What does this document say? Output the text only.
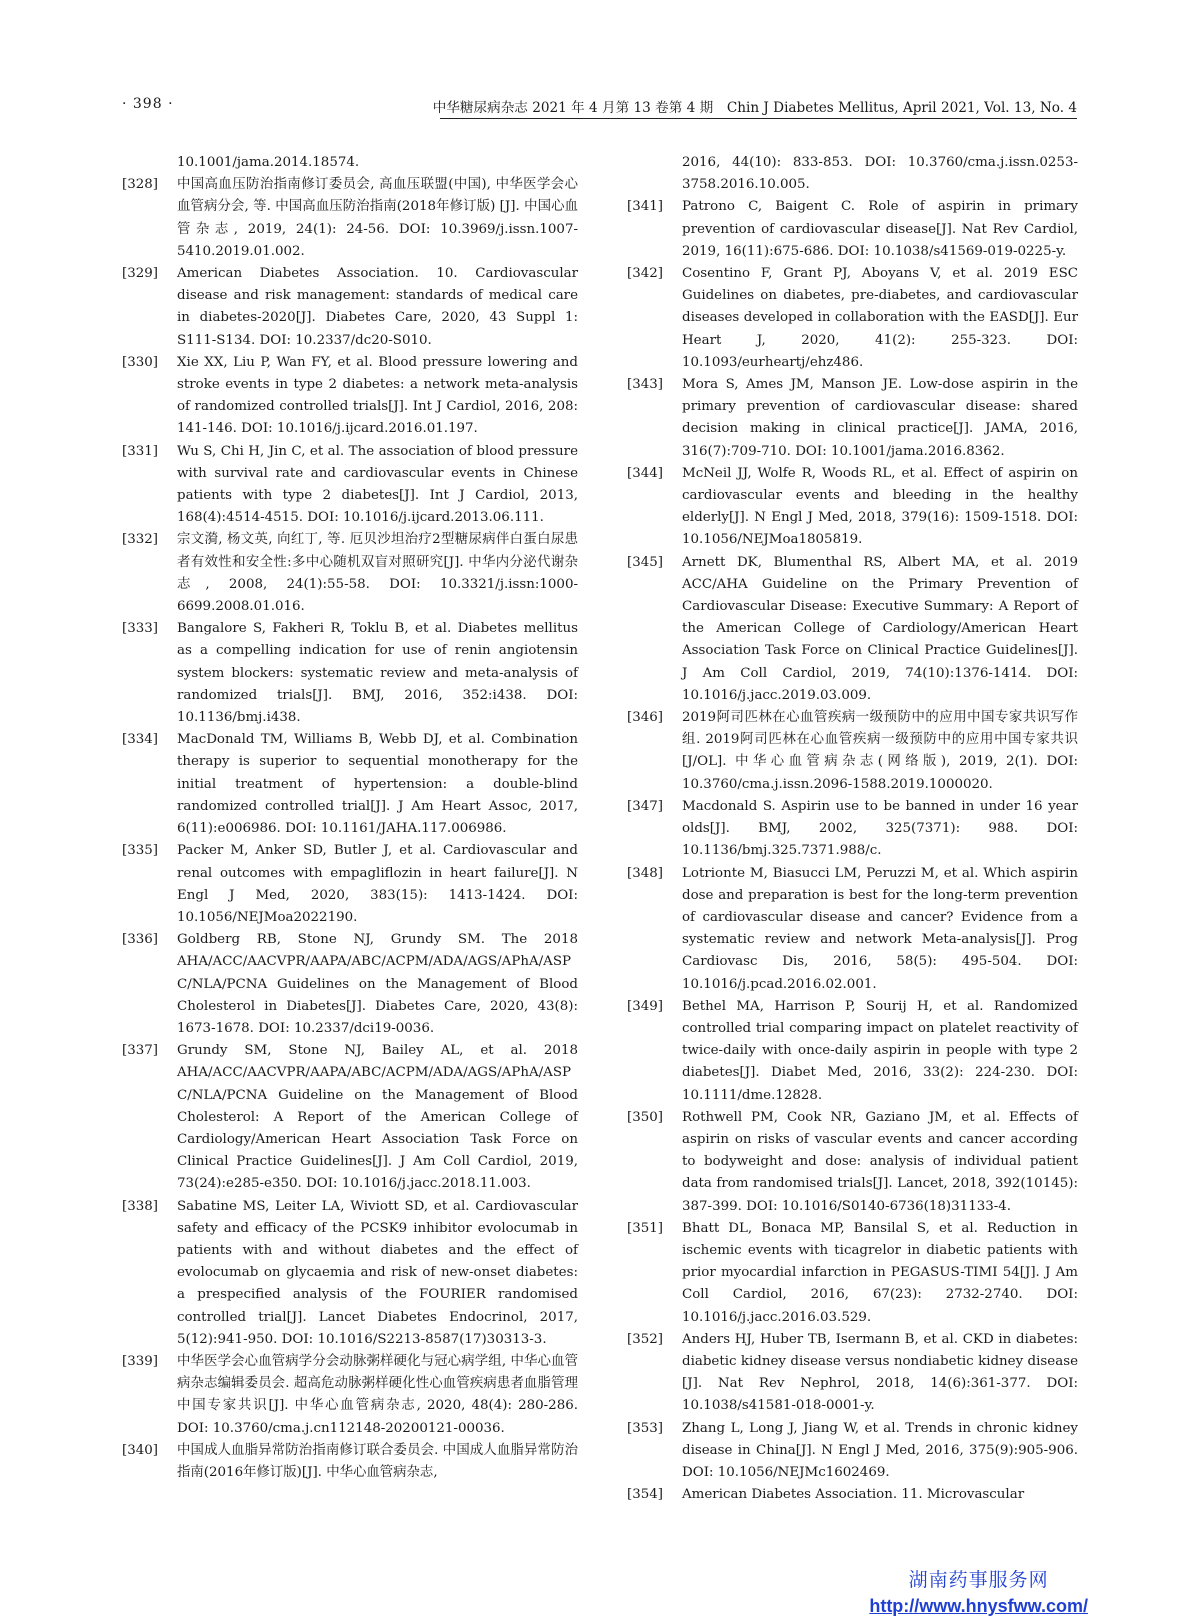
· 398 ·	中华糖尿病杂志 2021 年 4 月第 13 卷第 4 期　Chin J Diabetes Mellitus, April 2021, Vol. 13, No. 4

10.1001/jama.2014.18574.

[328] 中国高血压防治指南修订委员会, 高血压联盟(中国), 中华医学会心血管病分会, 等. 中国高血压防治指南(2018年修订版) [J]. 中国心血管杂志, 2019, 24(1): 24-56. DOI: 10.3969/j.issn.1007-5410.2019.01.002.

[329] American Diabetes Association. 10. Cardiovascular disease and risk management: standards of medical care in diabetes-2020[J]. Diabetes Care, 2020, 43 Suppl 1: S111-S134. DOI: 10.2337/dc20-S010.

[330] Xie XX, Liu P, Wan FY, et al. Blood pressure lowering and stroke events in type 2 diabetes: a network meta-analysis of randomized controlled trials[J]. Int J Cardiol, 2016, 208: 141-146. DOI: 10.1016/j.ijcard.2016.01.197.

[331] Wu S, Chi H, Jin C, et al. The association of blood pressure with survival rate and cardiovascular events in Chinese patients with type 2 diabetes[J]. Int J Cardiol, 2013, 168(4):4514-4515. DOI: 10.1016/j.ijcard.2013.06.111.

[332] 宗文漪, 杨文英, 向红丁, 等. 厄贝沙坦治疗2型糖尿病伴白蛋白尿患者有效性和安全性:多中心随机双盲对照研究[J]. 中华内分泌代谢杂志, 2008, 24(1):55-58. DOI: 10.3321/j.issn:1000-6699.2008.01.016.

[333] Bangalore S, Fakheri R, Toklu B, et al. Diabetes mellitus as a compelling indication for use of renin angiotensin system blockers: systematic review and meta-analysis of randomized trials[J]. BMJ, 2016, 352:i438. DOI: 10.1136/bmj.i438.

[334] MacDonald TM, Williams B, Webb DJ, et al. Combination therapy is superior to sequential monotherapy for the initial treatment of hypertension: a double-blind randomized controlled trial[J]. J Am Heart Assoc, 2017, 6(11):e006986. DOI: 10.1161/JAHA.117.006986.

[335] Packer M, Anker SD, Butler J, et al. Cardiovascular and renal outcomes with empagliflozin in heart failure[J]. N Engl J Med, 2020, 383(15): 1413-1424. DOI: 10.1056/NEJMoa2022190.

[336] Goldberg RB, Stone NJ, Grundy SM. The 2018 AHA/ACC/AACVPR/AAPA/ABC/ACPM/ADA/AGS/APhA/ASPC/NLA/PCNA Guidelines on the Management of Blood Cholesterol in Diabetes[J]. Diabetes Care, 2020, 43(8): 1673-1678. DOI: 10.2337/dci19-0036.

[337] Grundy SM, Stone NJ, Bailey AL, et al. 2018 AHA/ACC/AACVPR/AAPA/ABC/ACPM/ADA/AGS/APhA/ASPC/NLA/PCNA Guideline on the Management of Blood Cholesterol: A Report of the American College of Cardiology/American Heart Association Task Force on Clinical Practice Guidelines[J]. J Am Coll Cardiol, 2019, 73(24):e285-e350. DOI: 10.1016/j.jacc.2018.11.003.

[338] Sabatine MS, Leiter LA, Wiviott SD, et al. Cardiovascular safety and efficacy of the PCSK9 inhibitor evolocumab in patients with and without diabetes and the effect of evolocumab on glycaemia and risk of new-onset diabetes: a prespecified analysis of the FOURIER randomised controlled trial[J]. Lancet Diabetes Endocrinol, 2017, 5(12):941-950. DOI: 10.1016/S2213-8587(17)30313-3.

[339] 中华医学会心血管病学分会动脉粥样硬化与冠心病学组, 中华心血管病杂志编辑委员会. 超高危动脉粥样硬化性心血管疾病患者血脂管理中国专家共识[J]. 中华心血管病杂志, 2020, 48(4): 280-286. DOI: 10.3760/cma.j.cn112148-20200121-00036.

[340] 中国成人血脂异常防治指南修订联合委员会. 中国成人血脂异常防治指南(2016年修订版)[J]. 中华心血管病杂志,

2016, 44(10): 833-853. DOI: 10.3760/cma.j.issn.0253-3758.2016.10.005.

[341] Patrono C, Baigent C. Role of aspirin in primary prevention of cardiovascular disease[J]. Nat Rev Cardiol, 2019, 16(11):675-686. DOI: 10.1038/s41569-019-0225-y.

[342] Cosentino F, Grant PJ, Aboyans V, et al. 2019 ESC Guidelines on diabetes, pre-diabetes, and cardiovascular diseases developed in collaboration with the EASD[J]. Eur Heart J, 2020, 41(2): 255-323. DOI: 10.1093/eurheartj/ehz486.

[343] Mora S, Ames JM, Manson JE. Low-dose aspirin in the primary prevention of cardiovascular disease: shared decision making in clinical practice[J]. JAMA, 2016, 316(7):709-710. DOI: 10.1001/jama.2016.8362.

[344] McNeil JJ, Wolfe R, Woods RL, et al. Effect of aspirin on cardiovascular events and bleeding in the healthy elderly[J]. N Engl J Med, 2018, 379(16): 1509-1518. DOI: 10.1056/NEJMoa1805819.

[345] Arnett DK, Blumenthal RS, Albert MA, et al. 2019 ACC/AHA Guideline on the Primary Prevention of Cardiovascular Disease: Executive Summary: A Report of the American College of Cardiology/American Heart Association Task Force on Clinical Practice Guidelines[J]. J Am Coll Cardiol, 2019, 74(10):1376-1414. DOI: 10.1016/j.jacc.2019.03.009.

[346] 2019阿司匹林在心血管疾病一级预防中的应用中国专家共识写作组. 2019阿司匹林在心血管疾病一级预防中的应用中国专家共识[J/OL]. 中华心血管病杂志(网络版), 2019, 2(1). DOI: 10.3760/cma.j.issn.2096-1588.2019.1000020.

[347] Macdonald S. Aspirin use to be banned in under 16 year olds[J]. BMJ, 2002, 325(7371): 988. DOI: 10.1136/bmj.325.7371.988/c.

[348] Lotrionte M, Biasucci LM, Peruzzi M, et al. Which aspirin dose and preparation is best for the long-term prevention of cardiovascular disease and cancer? Evidence from a systematic review and network Meta-analysis[J]. Prog Cardiovasc Dis, 2016, 58(5): 495-504. DOI: 10.1016/j.pcad.2016.02.001.

[349] Bethel MA, Harrison P, Sourij H, et al. Randomized controlled trial comparing impact on platelet reactivity of twice-daily with once-daily aspirin in people with type 2 diabetes[J]. Diabet Med, 2016, 33(2): 224-230. DOI: 10.1111/dme.12828.

[350] Rothwell PM, Cook NR, Gaziano JM, et al. Effects of aspirin on risks of vascular events and cancer according to bodyweight and dose: analysis of individual patient data from randomised trials[J]. Lancet, 2018, 392(10145): 387-399. DOI: 10.1016/S0140-6736(18)31133-4.

[351] Bhatt DL, Bonaca MP, Bansilal S, et al. Reduction in ischemic events with ticagrelor in diabetic patients with prior myocardial infarction in PEGASUS-TIMI 54[J]. J Am Coll Cardiol, 2016, 67(23): 2732-2740. DOI: 10.1016/j.jacc.2016.03.529.

[352] Anders HJ, Huber TB, Isermann B, et al. CKD in diabetes: diabetic kidney disease versus nondiabetic kidney disease [J]. Nat Rev Nephrol, 2018, 14(6):361-377. DOI: 10.1038/s41581-018-0001-y.

[353] Zhang L, Long J, Jiang W, et al. Trends in chronic kidney disease in China[J]. N Engl J Med, 2016, 375(9):905-906. DOI: 10.1056/NEJMc1602469.

[354] American Diabetes Association. 11. Microvascular

湖南药事服务网
http://www.hnysfww.com/
